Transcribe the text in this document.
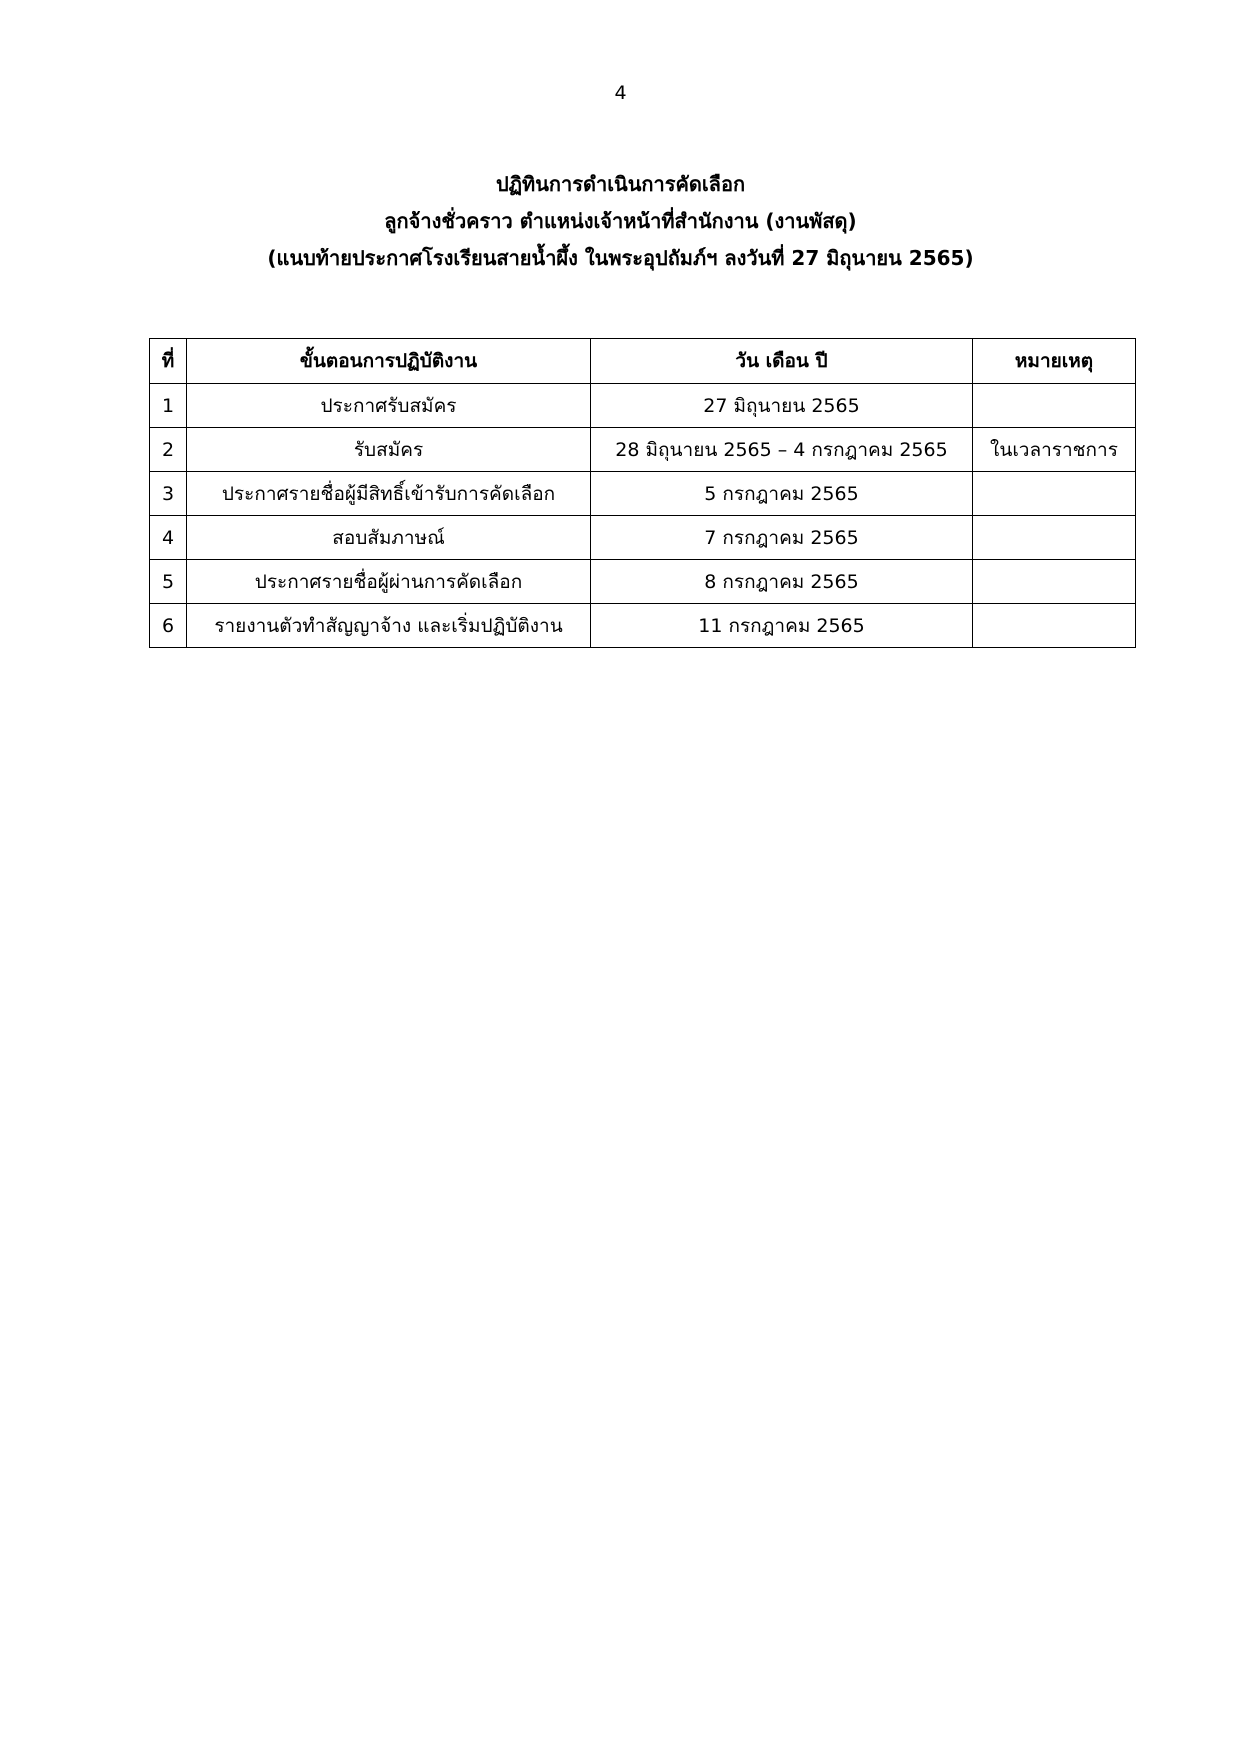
4
ปฏิทินการดำเนินการคัดเลือก
ลูกจ้างชั่วคราว ตำแหน่งเจ้าหน้าที่สำนักงาน (งานพัสดุ)
(แนบท้ายประกาศโรงเรียนสายน้ำผึ้ง ในพระอุปถัมภ์ฯ ลงวันที่ 27 มิถุนายน 2565)
ที่	ขั้นตอนการปฏิบัติงาน	วัน เดือน ปี	หมายเหตุ
1	ประกาศรับสมัคร	27 มิถุนายน 2565	
2	รับสมัคร	28 มิถุนายน 2565 – 4 กรกฎาคม 2565	ในเวลาราชการ
3	ประกาศรายชื่อผู้มีสิทธิ์เข้ารับการคัดเลือก	5 กรกฎาคม 2565	
4	สอบสัมภาษณ์	7 กรกฎาคม 2565	
5	ประกาศรายชื่อผู้ผ่านการคัดเลือก	8 กรกฎาคม 2565	
6	รายงานตัวทำสัญญาจ้าง และเริ่มปฏิบัติงาน	11 กรกฎาคม 2565	
